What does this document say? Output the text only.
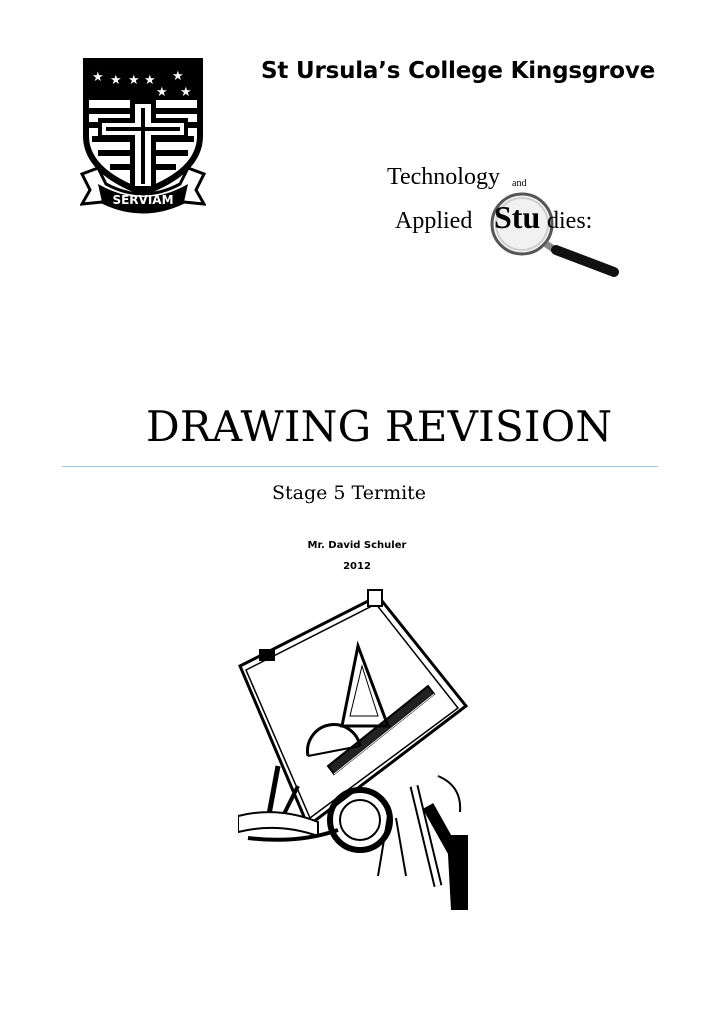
St Ursula’s College Kingsgrove
★ ★ ★ ★ ★
★ ★
SERVIAM
Technology and
Applied Stu dies:
DRAWING REVISION
Stage 5 Termite
Mr. David Schuler
2012
